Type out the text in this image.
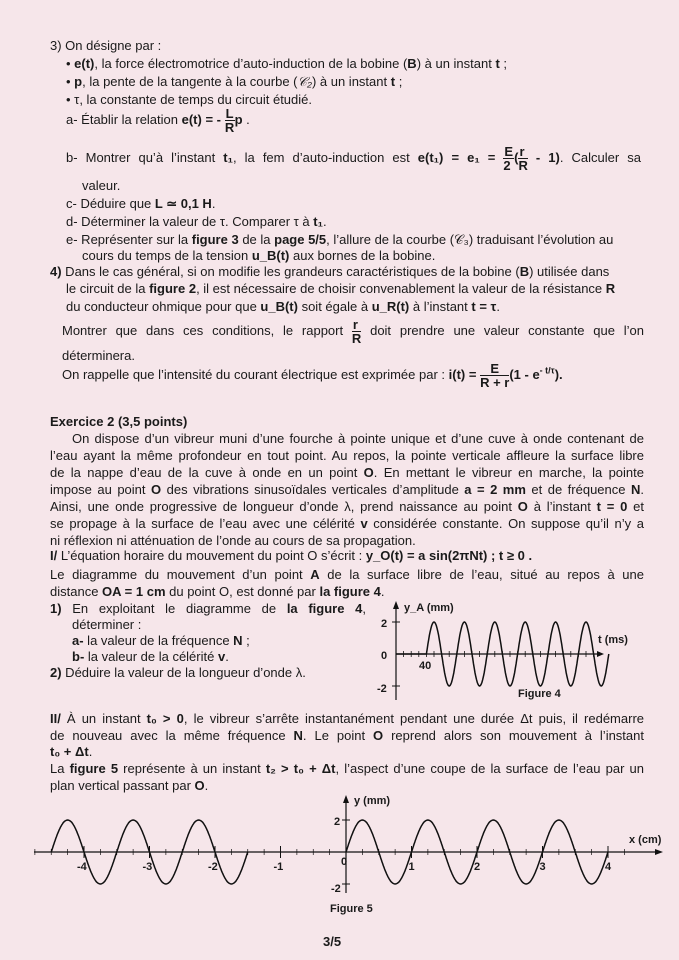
3) On désigne par :
• e(t), la force électromotrice d’auto-induction de la bobine (B) à un instant t ;
• p, la pente de la tangente à la courbe (𝒞₂) à un instant t ;
• τ, la constante de temps du circuit étudié.
a- Établir la relation e(t) = - $\frac{L}{R}$ p .
b- Montrer qu’à l’instant t₁, la fem d’auto-induction est $e(t_1) = e_1 = \frac{E}{2}$ ( $\frac{r}{R} - 1$). Calculer sa
valeur.
c- Déduire que L ≃ 0,1 H.
d- Déterminer la valeur de τ. Comparer τ à t₁.
e- Représenter sur la figure 3 de la page 5/5, l’allure de la courbe (𝒞₃) traduisant l’évolution au
cours du temps de la tension u_B(t) aux bornes de la bobine.
4) Dans le cas général, si on modifie les grandeurs caractéristiques de la bobine (B) utilisée dans
le circuit de la figure 2, il est nécessaire de choisir convenablement la valeur de la résistance R
du conducteur ohmique pour que u_B(t) soit égale à u_R(t) à l’instant t = τ.
Montrer que dans ces conditions, le rapport $\frac{r}{R}$ doit prendre une valeur constante que l’on
déterminera.
On rappelle que l’intensité du courant électrique est exprimée par : $i(t) = \frac{E}{R + r} (1 - e^{- t/\tau})$.
Exercice 2 (3,5 points)
On dispose d’un vibreur muni d’une fourche à pointe unique et d’une cuve à onde contenant de
l’eau ayant la même profondeur en tout point. Au repos, la pointe verticale affleure la surface libre
de la nappe d’eau de la cuve à onde en un point O. En mettant le vibreur en marche, la pointe
impose au point O des vibrations sinusoïdales verticales d’amplitude a = 2 mm et de fréquence N.
Ainsi, une onde progressive de longueur d’onde λ, prend naissance au point O à l’instant t = 0 et
se propage à la surface de l’eau avec une célérité v considérée constante. On suppose qu’il n’y a
ni réflexion ni atténuation de l’onde au cours de sa propagation.
I/ L’équation horaire du mouvement du point O s’écrit : y_O(t) = a sin(2πNt) ; t ≥ 0 .
Le diagramme du mouvement d’un point A de la surface libre de l’eau, situé au repos à une
distance OA = 1 cm du point O, est donné par la figure 4.
1) En exploitant le diagramme de la figure 4,
déterminer :
a- la valeur de la fréquence N ;
b- la valeur de la célérité v.
2) Déduire la valeur de la longueur d’onde λ.
2
0
-2
y_A (mm)
t (ms)
40
Figure 4
II/ À un instant t₀ > 0, le vibreur s’arrête instantanément pendant une durée Δt puis, il redémarre
de nouveau avec la même fréquence N. Le point O reprend alors son mouvement à l’instant
t₀ + Δt.
La figure 5 représente à un instant t₂ > t₀ + Δt, l’aspect d’une coupe de la surface de l’eau par un
plan vertical passant par O.
2
0
-2
y (mm)
x (cm)
Figure 5
-4	-3	-2	-1	1	2	3	4
3/5
